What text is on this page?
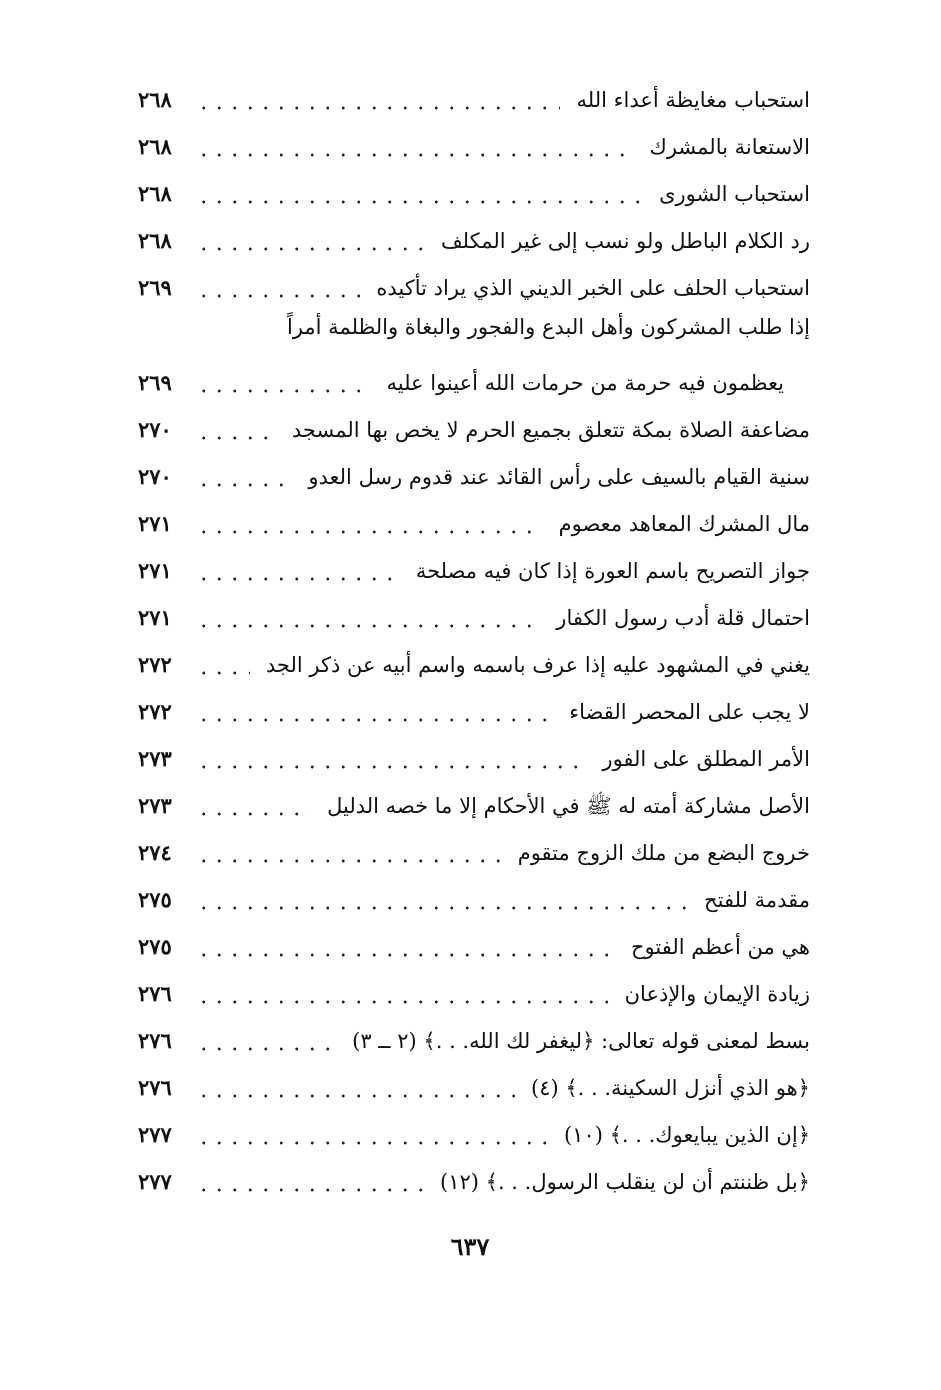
استحباب مغايظة أعداء الله
٢٦٨
الاستعانة بالمشرك
٢٦٨
استحباب الشورى
٢٦٨
رد الكلام الباطل ولو نسب إلى غير المكلف
٢٦٨
استحباب الحلف على الخبر الديني الذي يراد تأكيده
٢٦٩
إذا طلب المشركون وأهل البدع والفجور والبغاة والظلمة أمراً
يعظمون فيه حرمة من حرمات الله أعينوا عليه
٢٦٩
مضاعفة الصلاة بمكة تتعلق بجميع الحرم لا يخص بها المسجد
٢٧٠
سنية القيام بالسيف على رأس القائد عند قدوم رسل العدو
٢٧٠
مال المشرك المعاهد معصوم
٢٧١
جواز التصريح باسم العورة إذا كان فيه مصلحة
٢٧١
احتمال قلة أدب رسول الكفار
٢٧١
يغني في المشهود عليه إذا عرف باسمه واسم أبيه عن ذكر الجد
٢٧٢
لا يجب على المحصر القضاء
٢٧٢
الأمر المطلق على الفور
٢٧٣
الأصل مشاركة أمته له ﷺ في الأحكام إلا ما خصه الدليل
٢٧٣
خروج البضع من ملك الزوج متقوم
٢٧٤
مقدمة للفتح
٢٧٥
هي من أعظم الفتوح
٢٧٥
زيادة الإيمان والإذعان
٢٧٦
بسط لمعنى قوله تعالى: ﴿ليغفر لك الله. . .﴾ (٢ ــ ٣)
٢٧٦
﴿هو الذي أنزل السكينة. . .﴾ (٤)
٢٧٦
﴿إن الذين يبايعوك. . .﴾ (١٠)
٢٧٧
﴿بل ظننتم أن لن ينقلب الرسول. . .﴾ (١٢)
٢٧٧
٦٣٧
